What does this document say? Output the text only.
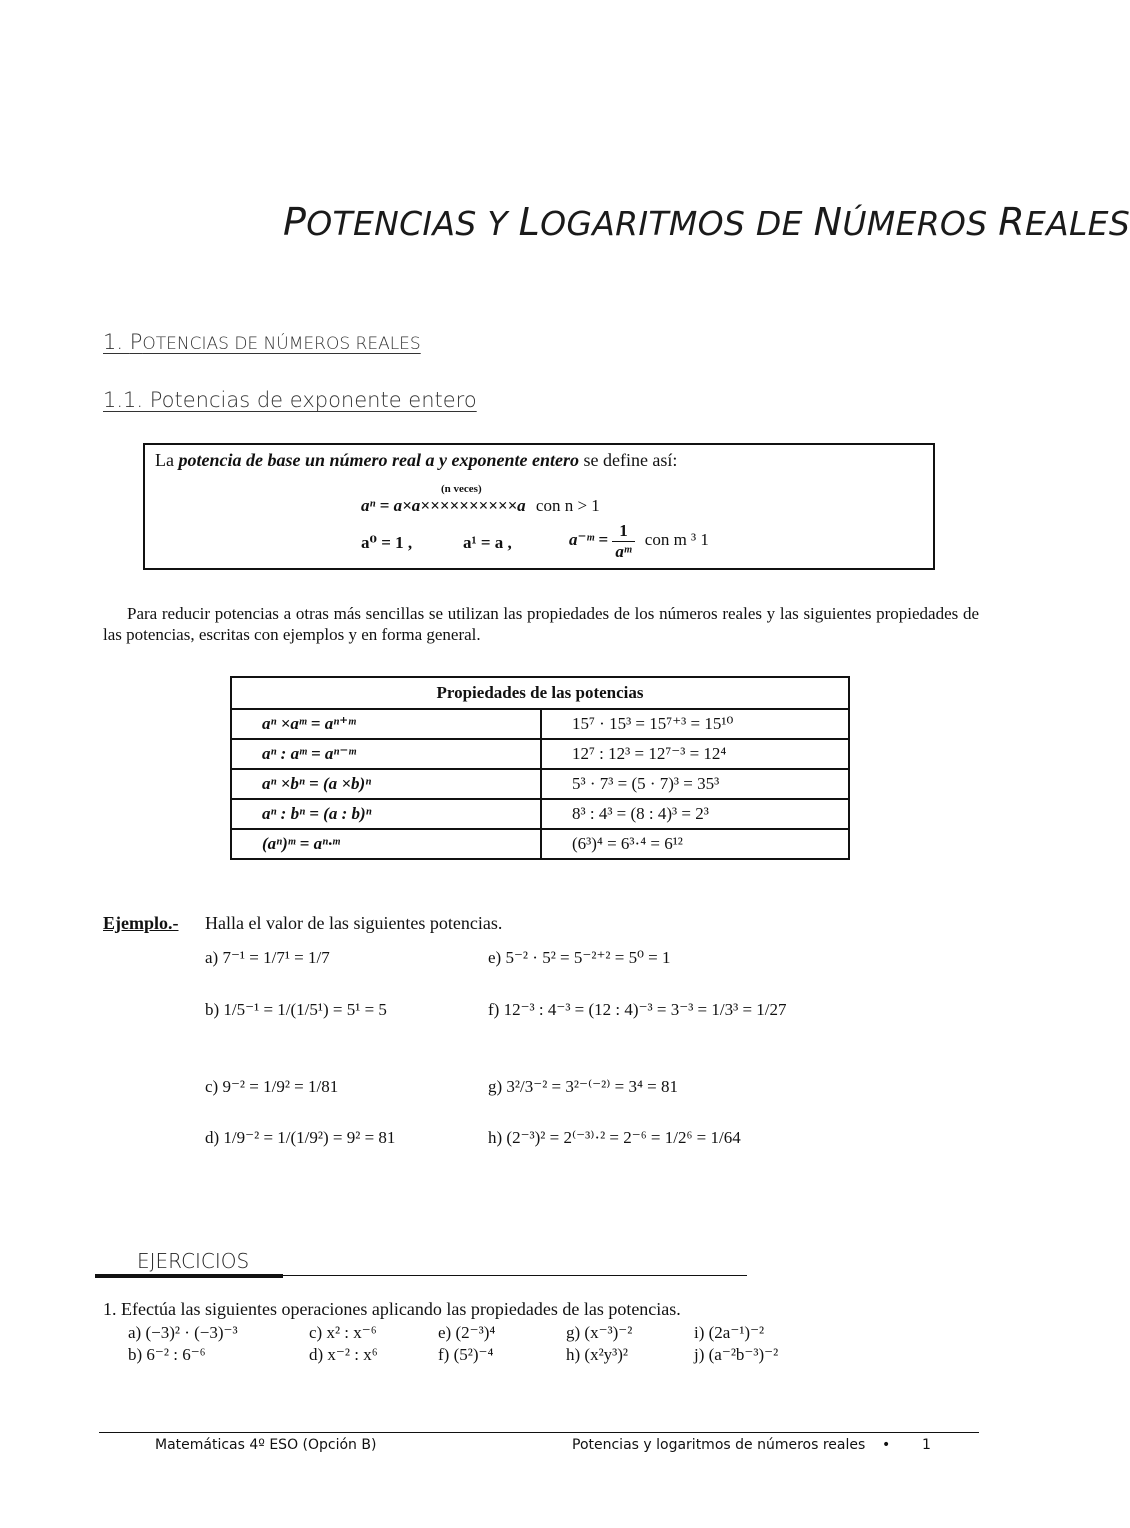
POTENCIAS Y LOGARITMOS DE NÚMEROS REALES
1. POTENCIAS DE NÚMEROS REALES
1.1. Potencias de exponente entero
La potencia de base un número real a y exponente entero se define así:
(n veces)
aⁿ = a×a××××××××××a con n > 1
a⁰ = 1 ,	a¹ = a ,	a⁻ᵐ = $\frac{1}{\text{aᵐ}}$ con m ³ 1
Para reducir potencias a otras más sencillas se utilizan las propiedades de los números reales y las siguientes propiedades de las potencias, escritas con ejemplos y en forma general.
Propiedades de las potencias	
aⁿ ×aᵐ = aⁿ⁺ᵐ	15⁷ · 15³ = 15⁷⁺³ = 15¹⁰
aⁿ : aᵐ = aⁿ⁻ᵐ	12⁷ : 12³ = 12⁷⁻³ = 12⁴
aⁿ ×bⁿ = (a ×b)ⁿ	5³ · 7³ = (5 · 7)³ = 35³
aⁿ : bⁿ = (a : b)ⁿ	8³ : 4³ = (8 : 4)³ = 2³
(aⁿ)ᵐ = aⁿ·ᵐ	(6³)⁴ = 6³·⁴ = 6¹²
Ejemplo.- Halla el valor de las siguientes potencias.
a) 7⁻¹ = 1/7¹ = 1/7
b) 1/5⁻¹ = 1/(1/5¹) = 5¹ = 5
c) 9⁻² = 1/9² = 1/81
d) 1/9⁻² = 1/(1/9²) = 9² = 81
e) 5⁻² · 5² = 5⁻²⁺² = 5⁰ = 1
f) 12⁻³ : 4⁻³ = (12 : 4)⁻³ = 3⁻³ = 1/3³ = 1/27
g) 3²/3⁻² = 3²⁻⁽⁻²⁾ = 3⁴ = 81
h) (2⁻³)² = 2⁽⁻³⁾·² = 2⁻⁶ = 1/2⁶ = 1/64
EJERCICIOS
1. Efectúa las siguientes operaciones aplicando las propiedades de las potencias.
a) (−3)² · (−3)⁻³
b) 6⁻² : 6⁻⁶
c) x² : x⁻⁶
d) x⁻² : x⁶
e) (2⁻³)⁴
f) (5²)⁻⁴
g) (x⁻³)⁻²
h) (x²y³)²
i) (2a⁻¹)⁻²
j) (a⁻²b⁻³)⁻²
Matemáticas 4º ESO (Opción B)	Potencias y logaritmos de números reales • 1
